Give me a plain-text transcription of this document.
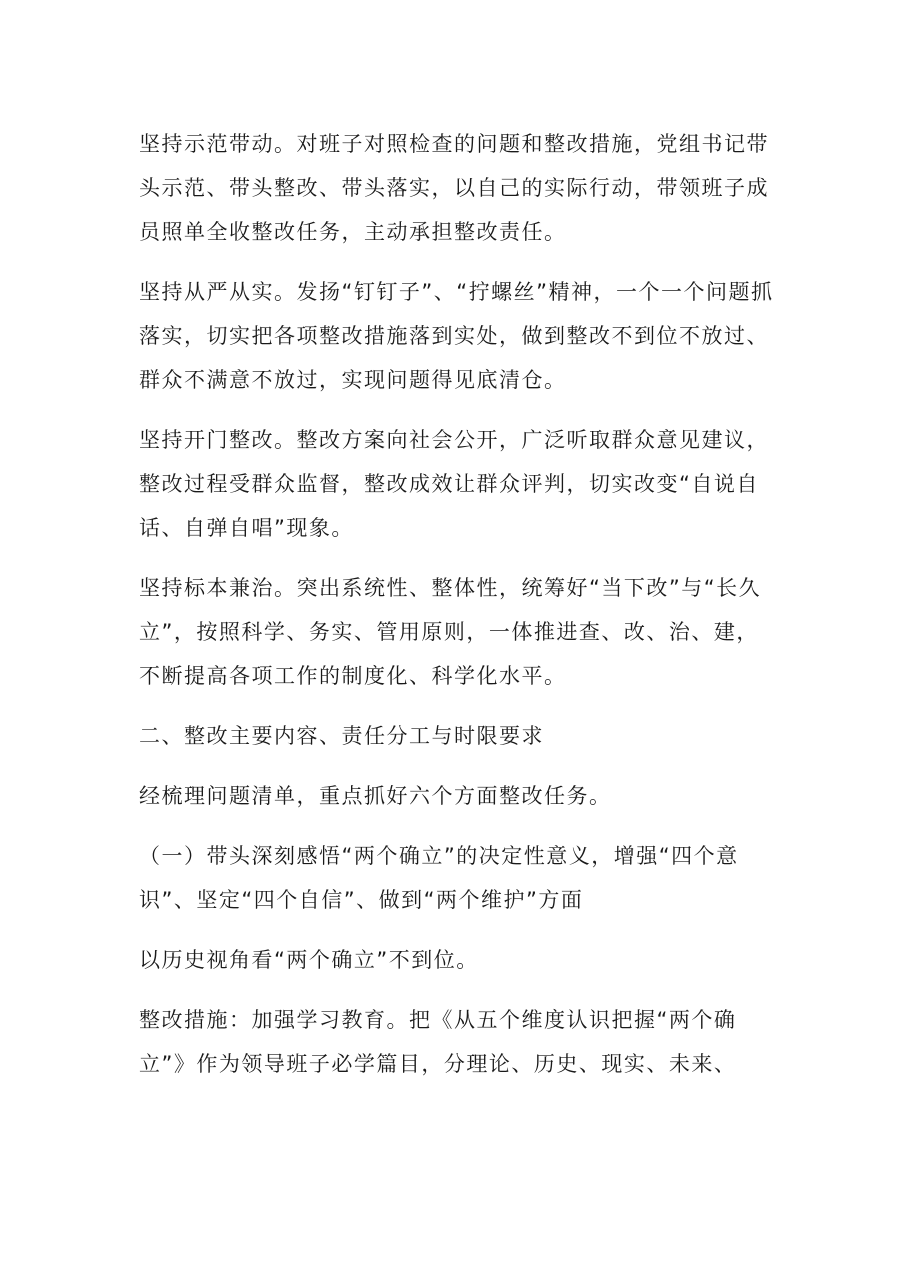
坚持示范带动。对班子对照检查的问题和整改措施，党组书记带头示范、带头整改、带头落实，以自己的实际行动，带领班子成员照单全收整改任务，主动承担整改责任。

坚持从严从实。发扬“钉钉子”、“拧螺丝”精神，一个一个问题抓落实，切实把各项整改措施落到实处，做到整改不到位不放过、群众不满意不放过，实现问题得见底清仓。

坚持开门整改。整改方案向社会公开，广泛听取群众意见建议，整改过程受群众监督，整改成效让群众评判，切实改变“自说自话、自弹自唱”现象。

坚持标本兼治。突出系统性、整体性，统筹好“当下改”与“长久立”，按照科学、务实、管用原则，一体推进查、改、治、建，不断提高各项工作的制度化、科学化水平。

二、整改主要内容、责任分工与时限要求

经梳理问题清单，重点抓好六个方面整改任务。

（一）带头深刻感悟“两个确立”的决定性意义，增强“四个意识”、坚定“四个自信”、做到“两个维护”方面

以历史视角看“两个确立”不到位。

整改措施：加强学习教育。把《从五个维度认识把握“两个确立”》作为领导班子必学篇目，分理论、历史、现实、未来、
